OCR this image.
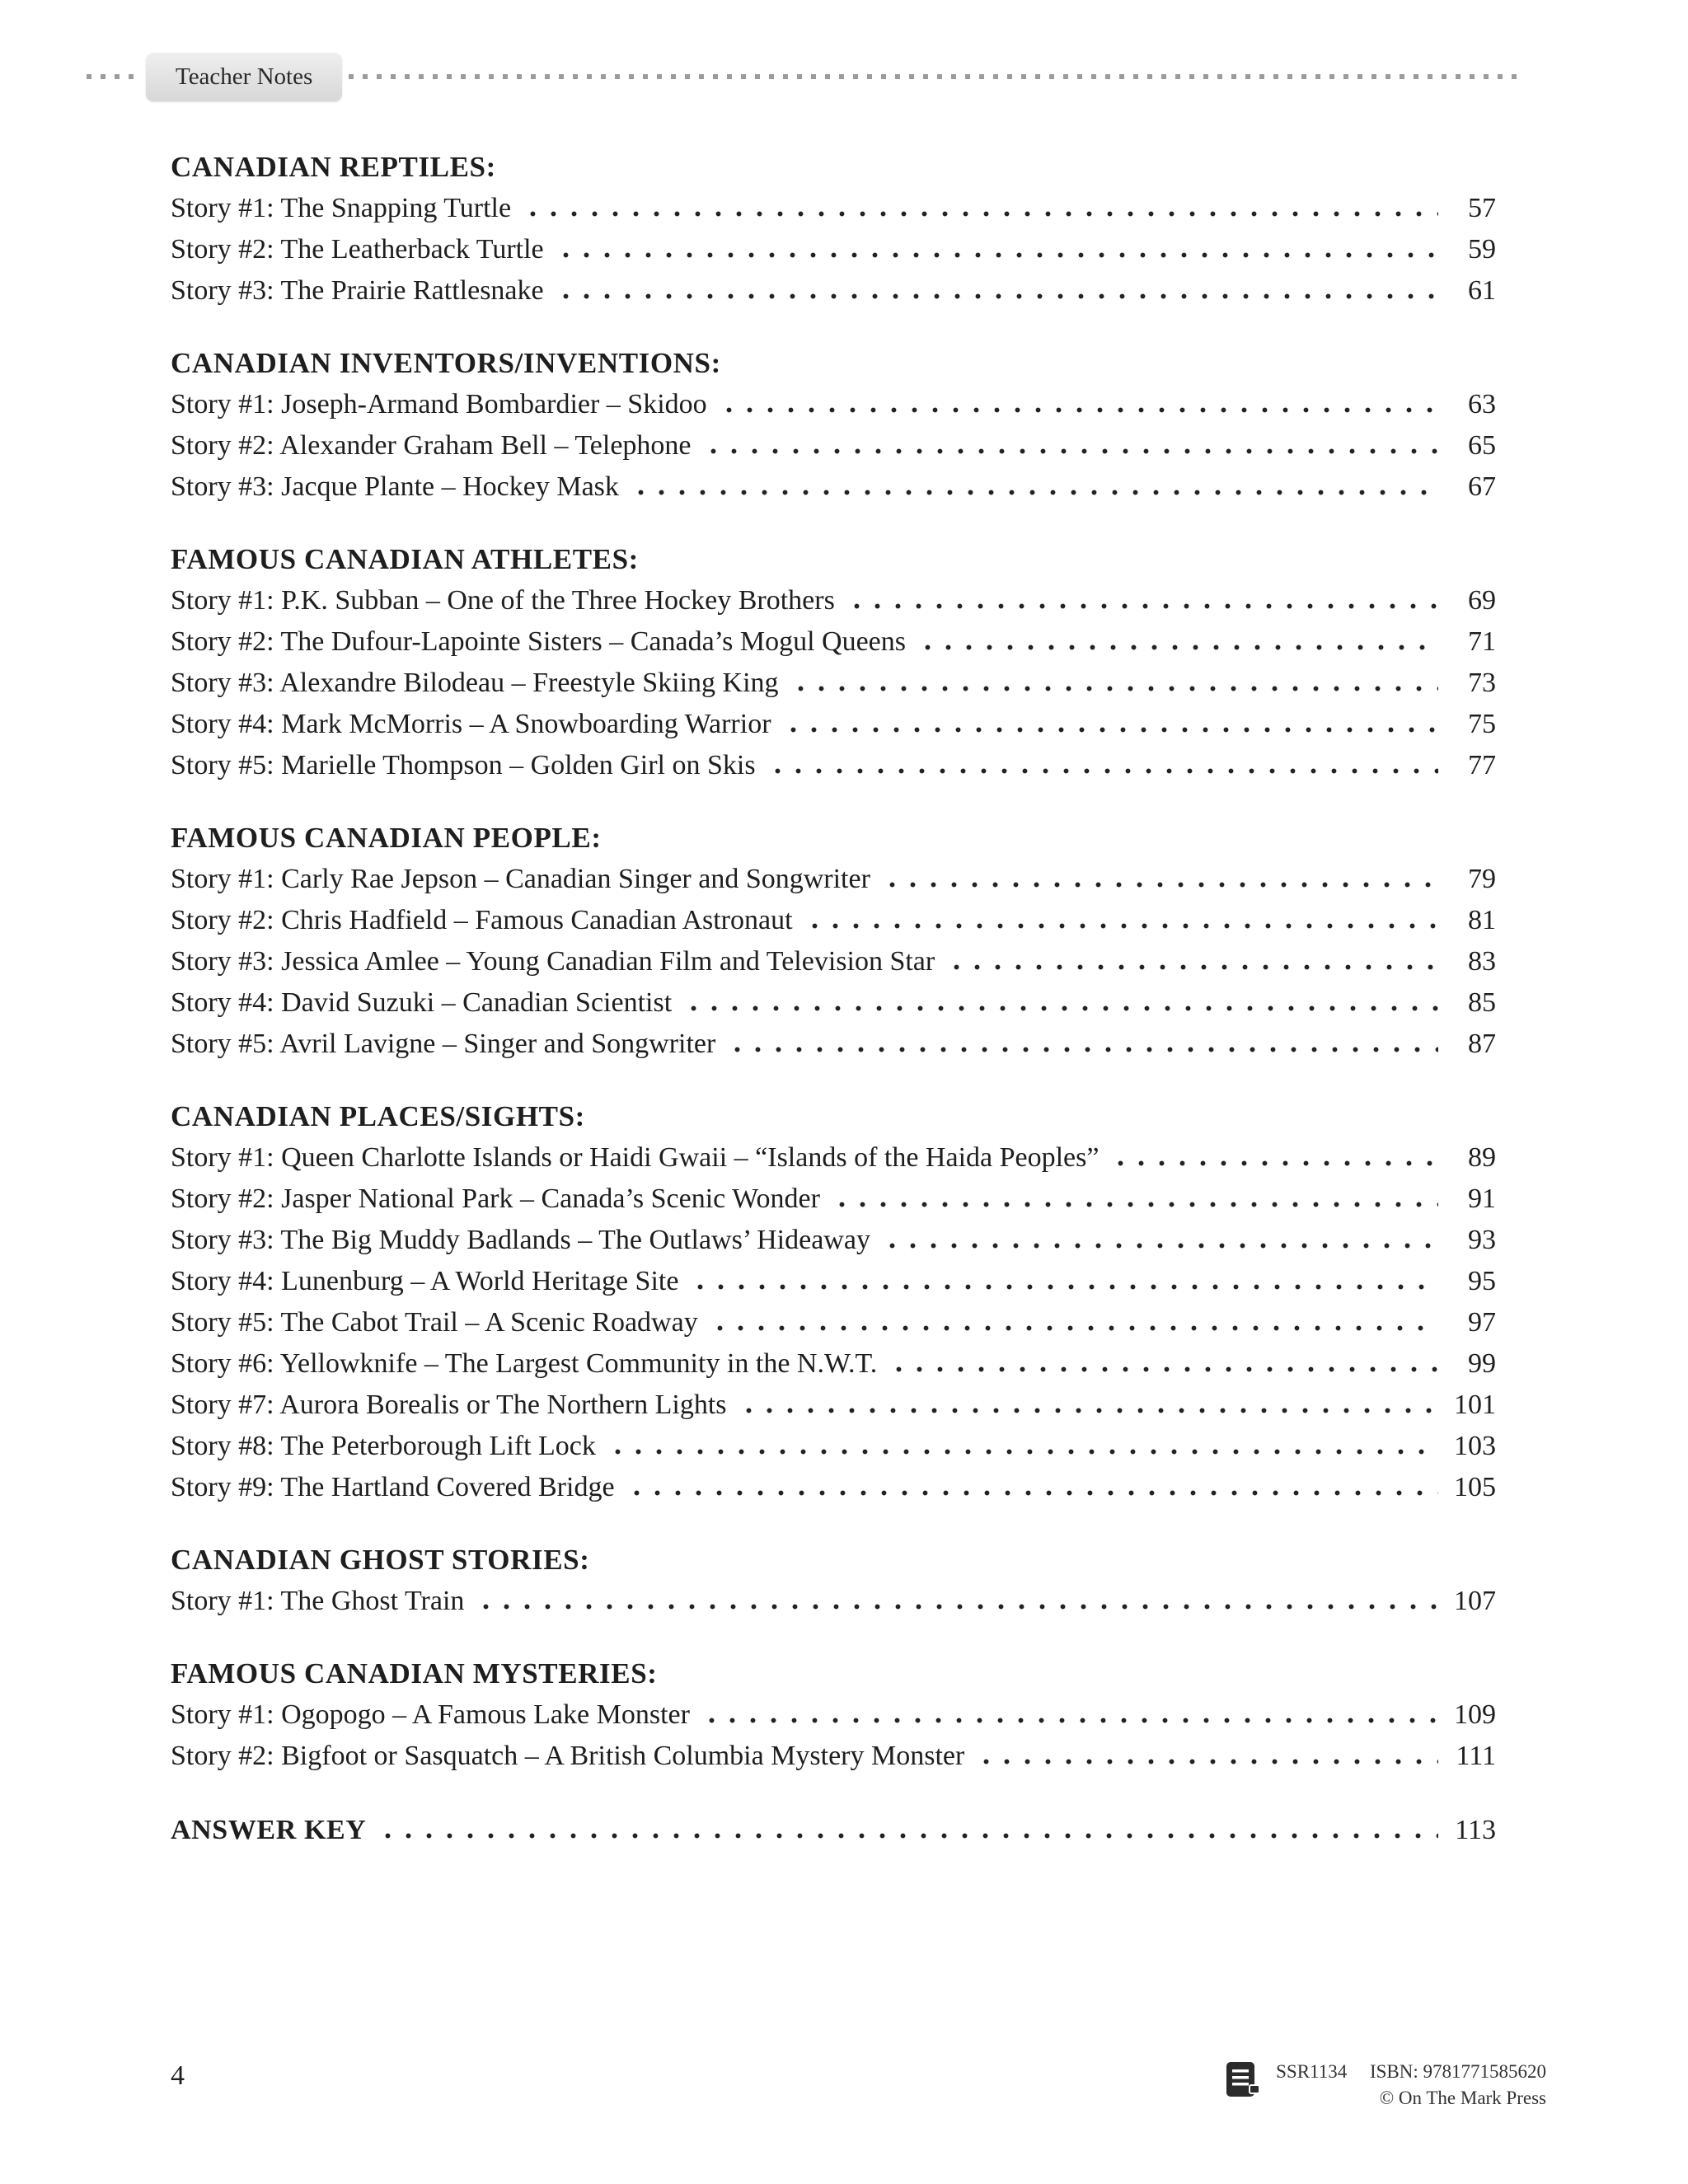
Teacher Notes
CANADIAN REPTILES:
Story #1: The Snapping Turtle	57
Story #2: The Leatherback Turtle	59
Story #3: The Prairie Rattlesnake	61
CANADIAN INVENTORS/INVENTIONS:
Story #1: Joseph-Armand Bombardier – Skidoo	63
Story #2: Alexander Graham Bell – Telephone	65
Story #3: Jacque Plante – Hockey Mask	67
FAMOUS CANADIAN ATHLETES:
Story #1: P.K. Subban – One of the Three Hockey Brothers	69
Story #2: The Dufour-Lapointe Sisters – Canada’s Mogul Queens	71
Story #3: Alexandre Bilodeau – Freestyle Skiing King	73
Story #4: Mark McMorris – A Snowboarding Warrior	75
Story #5: Marielle Thompson – Golden Girl on Skis	77
FAMOUS CANADIAN PEOPLE:
Story #1: Carly Rae Jepson – Canadian Singer and Songwriter	79
Story #2: Chris Hadfield – Famous Canadian Astronaut	81
Story #3: Jessica Amlee – Young Canadian Film and Television Star	83
Story #4: David Suzuki – Canadian Scientist	85
Story #5: Avril Lavigne – Singer and Songwriter	87
CANADIAN PLACES/SIGHTS:
Story #1: Queen Charlotte Islands or Haidi Gwaii – “Islands of the Haida Peoples”	89
Story #2: Jasper National Park – Canada’s Scenic Wonder	91
Story #3: The Big Muddy Badlands – The Outlaws’ Hideaway	93
Story #4: Lunenburg – A World Heritage Site	95
Story #5: The Cabot Trail – A Scenic Roadway	97
Story #6: Yellowknife – The Largest Community in the N.W.T.	99
Story #7: Aurora Borealis or The Northern Lights	101
Story #8: The Peterborough Lift Lock	103
Story #9: The Hartland Covered Bridge	105
CANADIAN GHOST STORIES:
Story #1: The Ghost Train	107
FAMOUS CANADIAN MYSTERIES:
Story #1: Ogopogo – A Famous Lake Monster	109
Story #2: Bigfoot or Sasquatch – A British Columbia Mystery Monster	111
ANSWER KEY	113
4	SSR1134 ISBN: 9781771585620
© On The Mark Press
